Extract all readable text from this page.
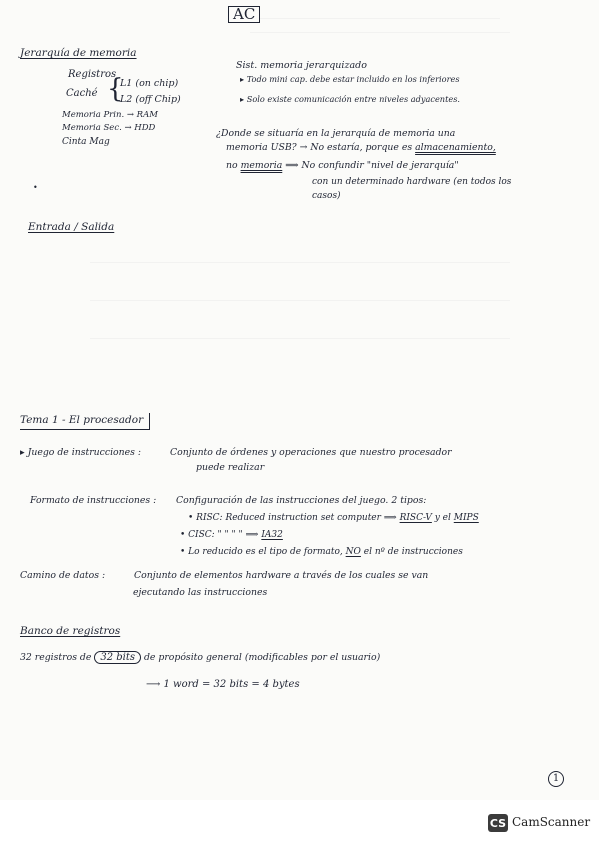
AC
Jerarquía de memoria
Registros
Caché {
L1 (on chip)
L2 (off Chip)
Memoria Prin. → RAM
Memoria Sec. → HDD
Cinta Mag
Sist. memoria jerarquizado
▸ Todo mini cap. debe estar incluido en los inferiores
▸ Solo existe comunicación entre niveles adyacentes.
¿Donde se situaría en la jerarquía de memoria una
memoria USB? → No estaría, porque es almacenamiento,
no memoria ⟹ No confundir "nivel de jerarquía"
con un determinado hardware (en todos los
casos)
•
Entrada / Salida
Tema 1 - El procesador
▸ Juego de instrucciones :	Conjunto de órdenes y operaciones que nuestro procesador
puede realizar
Formato de instrucciones : Configuración de las instrucciones del juego. 2 tipos:
• RISC: Reduced instruction set computer ⟹ RISC-V y el MIPS
• CISC: " " " " ⟹ IA32
• Lo reducido es el tipo de formato, NO el nº de instrucciones
Camino de datos :	Conjunto de elementos hardware a través de los cuales se van
ejecutando las instrucciones
Banco de registros
32 registros de 32 bits de propósito general (modificables por el usuario)
⟶ 1 word = 32 bits = 4 bytes
1
CS CamScanner
